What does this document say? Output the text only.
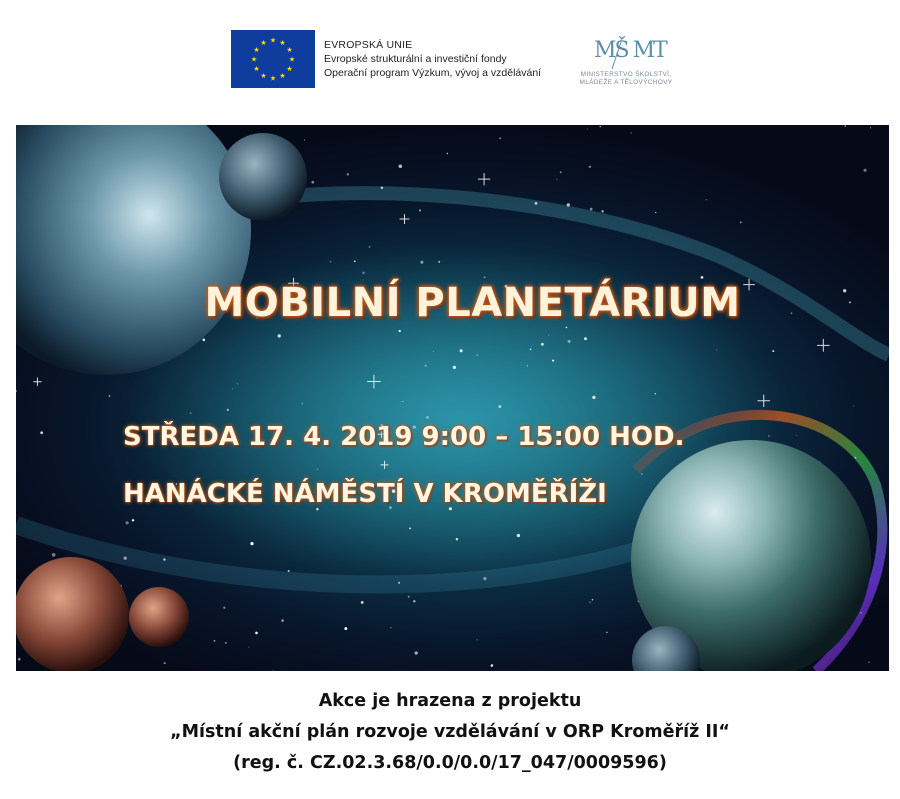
★
★
★
★
★
★
★
★
★ ★ ★
★	EVROPSKÁ UNIE
Evropské strukturální a investiční fondy
Operační program Výzkum, vývoj a vzdělávání
MŠ MT
MINISTERSTVO ŠKOLSTVÍ,
MLÁDEŽE A TĚLOVÝCHOVY
MOBILNÍ PLANETÁRIUM
STŘEDA 17. 4. 2019 9:00 – 15:00 HOD.
HANÁCKÉ NÁMĚSTÍ V KROMĚŘÍŽI
Akce je hrazena z projektu
„Místní akční plán rozvoje vzdělávání v ORP Kroměříž II“
(reg. č. CZ.02.3.68/0.0/0.0/17_047/0009596)
